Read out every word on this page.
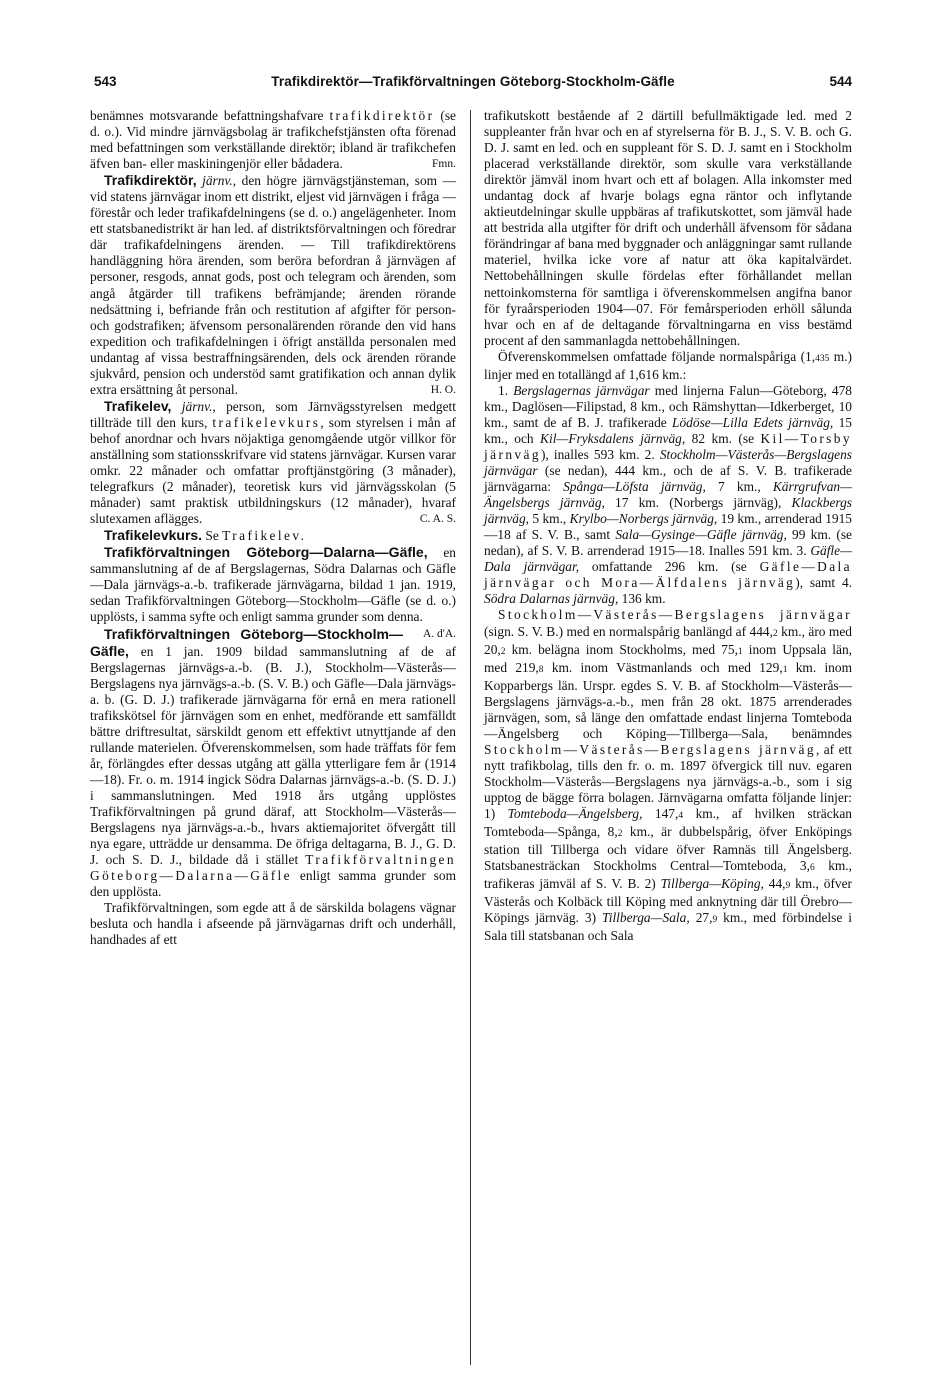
543	Trafikdirektör—Trafikförvaltningen Göteborg-Stockholm-Gäfle	544

benämnes motsvarande befattningshafvare trafikdirektör (se d. o.). Vid mindre järnvägsbolag är trafikchefstjänsten ofta förenad med befattningen som verkställande direktör; ibland är trafikchefen äfven ban- eller maskiningenjör eller bådadera.	Fmn.

Trafikdirektör, järnv., den högre järnvägstjänsteman, som — vid statens järnvägar inom ett distrikt, eljest vid järnvägen i fråga — förestår och leder trafikafdelningens (se d. o.) angelägenheter. Inom ett statsbanedistrikt är han led. af distriktsförvaltningen och föredrar där trafikafdelningens ärenden. — Till trafikdirektörens handläggning höra ärenden, som beröra befordran å järnvägen af personer, resgods, annat gods, post och telegram och ärenden, som angå åtgärder till trafikens befrämjande; ärenden rörande nedsättning i, befriande från och restitution af afgifter för person- och godstrafiken; äfvensom personalärenden rörande den vid hans expedition och trafikafdelningen i öfrigt anställda personalen med undantag af vissa bestraffningsärenden, dels ock ärenden rörande sjukvård, pension och understöd samt gratifikation och annan dylik extra ersättning åt personal.	H. O.

Trafikelev, järnv., person, som Järnvägsstyrelsen medgett tillträde till den kurs, trafikelevkurs, som styrelsen i mån af behof anordnar och hvars nöjaktiga genomgående utgör villkor för anställning som stationsskrifvare vid statens järnvägar. Kursen varar omkr. 22 månader och omfattar proftjänstgöring (3 månader), telegrafkurs (2 månader), teoretisk kurs vid järnvägsskolan (5 månader) samt praktisk utbildningskurs (12 månader), hvaraf slutexamen aflägges.	C. A. S.

Trafikelevkurs. Se Trafikelev.

Trafikförvaltningen Göteborg—Dalarna—Gäfle, en sammanslutning af de af Bergslagernas, Södra Dalarnas och Gäfle—Dala järnvägs-a.-b. trafikerade järnvägarna, bildad 1 jan. 1919, sedan Trafikförvaltningen Göteborg—Stockholm—Gäfle (se d. o.) upplösts, i samma syfte och enligt samma grunder som denna.
A. d'A.

Trafikförvaltningen Göteborg—Stockholm—Gäfle, en 1 jan. 1909 bildad sammanslutning af de af Bergslagernas järnvägs-a.-b. (B. J.), Stockholm—Västerås—Bergslagens nya järnvägs-a.-b. (S. V. B.) och Gäfle—Dala järnvägs-a. b. (G. D. J.) trafikerade järnvägarna för ernå en mera rationell trafikskötsel för järnvägen som en enhet, medförande ett samfälldt bättre driftresultat, särskildt genom ett effektivt utnyttjande af den rullande materielen. Öfverenskommelsen, som hade träffats för fem år, förlängdes efter dessas utgång att gälla ytterligare fem år (1914—18). Fr. o. m. 1914 ingick Södra Dalarnas järnvägs-a.-b. (S. D. J.) i sammanslutningen. Med 1918 års utgång upplöstes Trafikförvaltningen på grund däraf, att Stockholm—Västerås—Bergslagens nya järnvägs-a.-b., hvars aktiemajoritet öfvergått till nya egare, utträdde ur densamma. De öfriga deltagarna, B. J., G. D. J. och S. D. J., bildade då i stället Trafikförvaltningen Göteborg—Dalarna—Gäfle enligt samma grunder som den upplösta.

Trafikförvaltningen, som egde att å de särskilda bolagens vägnar besluta och handla i afseende på järnvägarnas drift och underhåll, handhades af ett

trafikutskott bestående af 2 därtill befullmäktigade led. med 2 suppleanter från hvar och en af styrelserna för B. J., S. V. B. och G. D. J. samt en led. och en suppleant för S. D. J. samt en i Stockholm placerad verkställande direktör, som skulle vara verkställande direktör jämväl inom hvart och ett af bolagen. Alla inkomster med undantag dock af hvarje bolags egna räntor och inflytande aktieutdelningar skulle uppbäras af trafikutskottet, som jämväl hade att bestrida alla utgifter för drift och underhåll äfvensom för sådana förändringar af bana med byggnader och anläggningar samt rullande materiel, hvilka icke vore af natur att öka kapitalvärdet. Nettobehållningen skulle fördelas efter förhållandet mellan nettoinkomsterna för samtliga i öfverenskommelsen angifna banor för fyraårsperioden 1904—07. För femårsperioden erhöll sålunda hvar och en af de deltagande förvaltningarna en viss bestämd procent af den sammanlagda nettobehållningen.

Öfverenskommelsen omfattade följande normalspåriga (1,435 m.) linjer med en totallängd af 1,616 km.:

1. Bergslagernas järnvägar med linjerna Falun—Göteborg, 478 km., Daglösen—Filipstad, 8 km., och Rämshyttan—Idkerberget, 10 km., samt de af B. J. trafikerade Lödöse—Lilla Edets järnväg, 15 km., och Kil—Fryksdalens järnväg, 82 km. (se Kil—Torsby järnväg), inalles 593 km. 2. Stockholm—Västerås—Bergslagens järnvägar (se nedan), 444 km., och de af S. V. B. trafikerade järnvägarna: Spånga—Löfsta järnväg, 7 km., Kärrgrufvan—Ängelsbergs järnväg, 17 km. (Norbergs järnväg), Klackbergs järnväg, 5 km., Krylbo—Norbergs järnväg, 19 km., arrenderad 1915—18 af S. V. B., samt Sala—Gysinge—Gäfle järnväg, 99 km. (se nedan), af S. V. B. arrenderad 1915—18. Inalles 591 km. 3. Gäfle—Dala järnvägar, omfattande 296 km. (se Gäfle—Dala järnvägar och Mora—Älfdalens järnväg), samt 4. Södra Dalarnas järnväg, 136 km.

Stockholm—Västerås—Bergslagens järnvägar (sign. S. V. B.) med en normalspårig banlängd af 444,2 km., äro med 20,2 km. belägna inom Stockholms, med 75,1 inom Uppsala län, med 219,8 km. inom Västmanlands och med 129,1 km. inom Kopparbergs län. Urspr. egdes S. V. B. af Stockholm—Västerås—Bergslagens järnvägs-a.-b., men från 28 okt. 1875 arrenderades järnvägen, som, så länge den omfattade endast linjerna Tomteboda—Ängelsberg och Köping—Tillberga—Sala, benämndes Stockholm—Västerås—Bergslagens järnväg, af ett nytt trafikbolag, tills den fr. o. m. 1897 öfvergick till nuv. egaren Stockholm—Västerås—Bergslagens nya järnvägs-a.-b., som i sig upptog de bägge förra bolagen. Järnvägarna omfatta följande linjer: 1) Tomteboda—Ängelsberg, 147,4 km., af hvilken sträckan Tomteboda—Spånga, 8,2 km., är dubbelspårig, öfver Enköpings station till Tillberga och vidare öfver Ramnäs till Ängelsberg. Statsbanesträckan Stockholms Central—Tomteboda, 3,6 km., trafikeras jämväl af S. V. B. 2) Tillberga—Köping, 44,9 km., öfver Västerås och Kolbäck till Köping med anknytning där till Örebro—Köpings järnväg. 3) Tillberga—Sala, 27,9 km., med förbindelse i Sala till statsbanan och Sala
